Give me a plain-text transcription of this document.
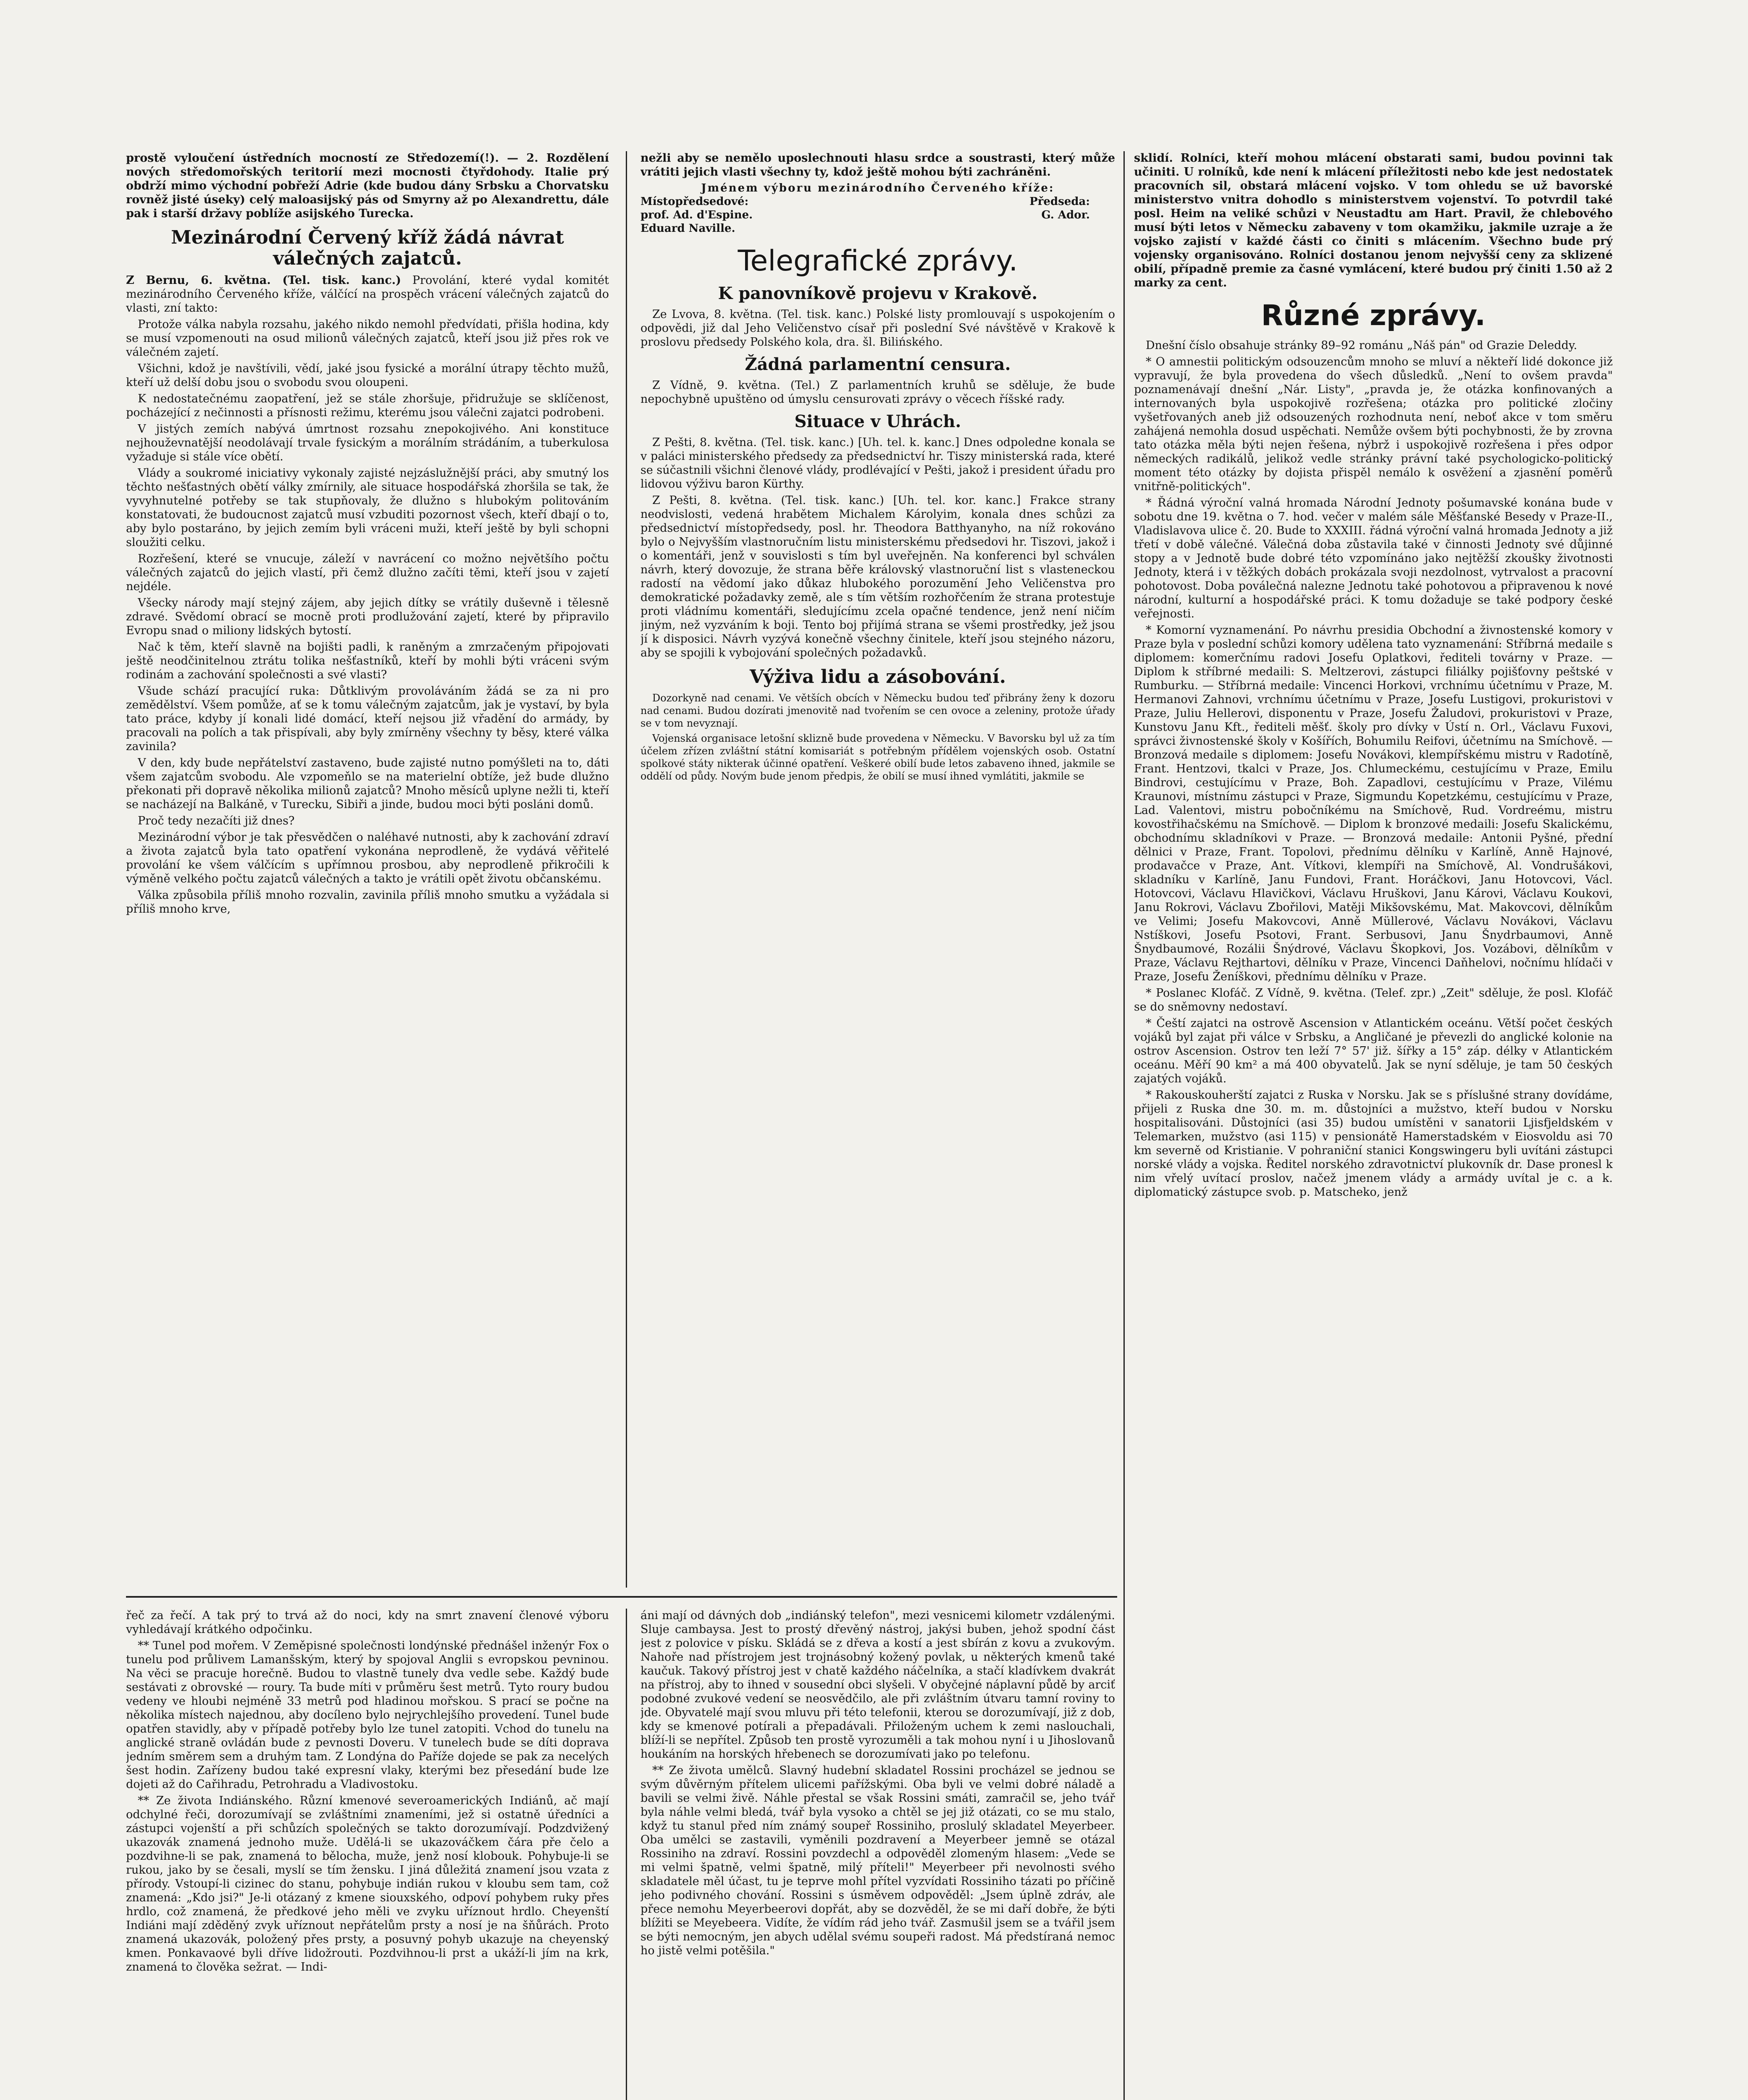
prostě vyloučení ústředních mocností ze Středozemí(!). — 2. Rozdělení nových středomořských teritorií mezi mocnosti čtyřdohody. Italie prý obdrží mimo východní pobřeží Adrie (kde budou dány Srbsku a Chorvatsku rovněž jisté úseky) celý maloasijský pás od Smyrny až po Alexandrettu, dále pak i starší državy poblíže asijského Turecka.

Mezinárodní Červený kříž žádá návrat válečných zajatců.

Z Bernu, 6. května. (Tel. tisk. kanc.) Provolání, které vydal komitét mezinárodního Červeného kříže, válčící na prospěch vrácení válečných zajatců do vlasti, zní takto:

Protože válka nabyla rozsahu, jakého nikdo nemohl předvídati, přišla hodina, kdy se musí vzpomenouti na osud milionů válečných zajatců, kteří jsou již přes rok ve válečném zajetí.

Všichni, kdož je navštívili, vědí, jaké jsou fysické a morální útrapy těchto mužů, kteří už delší dobu jsou o svobodu svou oloupeni.

K nedostatečnému zaopatření, jež se stále zhoršuje, přidružuje se sklíčenost, pocházející z nečinnosti a přísnosti režimu, kterému jsou válečni zajatci podrobeni.

V jistých zemích nabývá úmrtnost rozsahu znepokojivého. Ani konstituce nejhouževnatější neodolávají trvale fysickým a morálním strádáním, a tuberkulosa vyžaduje si stále více obětí.

Vlády a soukromé iniciativy vykonaly zajisté nejzáslužnější práci, aby smutný los těchto nešťastných obětí války zmírnily, ale situace hospodářská zhoršila se tak, že vyvyhnutelné potřeby se tak stupňovaly, že dlužno s hlubokým politováním konstatovati, že budoucnost zajatců musí vzbuditi pozornost všech, kteří dbají o to, aby bylo postaráno, by jejich zemím byli vráceni muži, kteří ještě by byli schopni sloužiti celku.

Rozřešení, které se vnucuje, záleží v navrácení co možno největšího počtu válečných zajatců do jejich vlastí, při čemž dlužno začíti těmi, kteří jsou v zajetí nejdéle.

Všecky národy mají stejný zájem, aby jejich dítky se vrátily duševně i tělesně zdravé. Svědomí obrací se mocně proti prodlužování zajetí, které by připravilo Evropu snad o miliony lidských bytostí.

Nač k těm, kteří slavně na bojišti padli, k raněným a zmrzačeným připojovati ještě neodčinitelnou ztrátu tolika nešťastníků, kteří by mohli býti vráceni svým rodinám a zachování společnosti a své vlasti?

Všude schází pracující ruka: Důtklivým provoláváním žádá se za ni pro zemědělství. Všem pomůže, ať se k tomu válečným zajatcům, jak je vystaví, by byla tato práce, kdyby jí konali lidé domácí, kteří nejsou již vřadění do armády, by pracovali na polích a tak přispívali, aby byly zmírněny všechny ty běsy, které válka zavinila?

V den, kdy bude nepřátelství zastaveno, bude zajisté nutno pomýšleti na to, dáti všem zajatcům svobodu. Ale vzpomeňlo se na materielní obtíže, jež bude dlužno překonati při dopravě několika milionů zajatců? Mnoho měsíců uplyne nežli ti, kteří se nacházejí na Balkáně, v Turecku, Sibiři a jinde, budou moci býti posláni domů.

Proč tedy nezačíti již dnes?

Mezinárodní výbor je tak přesvědčen o naléhavé nutnosti, aby k zachování zdraví a života zajatců byla tato opatření vykonána neprodleně, že vydává věřitelé provolání ke všem válčícím s upřímnou prosbou, aby neprodleně přikročili k výměně velkého počtu zajatců válečných a takto je vrátili opět životu občanskému.

Válka způsobila příliš mnoho rozvalin, zavinila příliš mnoho smutku a vyžádala si příliš mnoho krve,

nežli aby se nemělo uposlechnouti hlasu srdce a soustrasti, který může vrátiti jejich vlasti všechny ty, kdož ještě mohou býti zachráněni.

Jménem výboru mezinárodního Červeného kříže:
Místopředsedové:
prof. Ad. d'Espine.
Eduard Naville.
Předseda:
G. Ador.
Telegrafické zprávy.
K panovníkově projevu v Krakově.

Ze Lvova, 8. května. (Tel. tisk. kanc.) Polské listy promlouvají s uspokojením o odpovědi, již dal Jeho Veličenstvo císař při poslední Své návštěvě v Krakově k proslovu předsedy Polského kola, dra. šl. Bilińského.

Žádná parlamentní censura.

Z Vídně, 9. května. (Tel.) Z parlamentních kruhů se sděluje, že bude nepochybně upuštěno od úmyslu censurovati zprávy o věcech říšské rady.

Situace v Uhrách.

Z Pešti, 8. května. (Tel. tisk. kanc.) [Uh. tel. k. kanc.] Dnes odpoledne konala se v paláci ministerského předsedy za předsednictví hr. Tiszy ministerská rada, které se súčastnili všichni členové vlády, prodlévající v Pešti, jakož i president úřadu pro lidovou výživu baron Kürthy.

Z Pešti, 8. května. (Tel. tisk. kanc.) [Uh. tel. kor. kanc.] Frakce strany neodvislosti, vedená hrabětem Michalem Károlyim, konala dnes schůzi za předsednictví místopředsedy, posl. hr. Theodora Batthyanyho, na níž rokováno bylo o Nejvyšším vlastnoručním listu ministerskému předsedovi hr. Tiszovi, jakož i o komentáři, jenž v souvislosti s tím byl uveřejněn. Na konferenci byl schválen návrh, který dovozuje, že strana běře královský vlastnoruční list s vlasteneckou radostí na vědomí jako důkaz hlubokého porozumění Jeho Veličenstva pro demokratické požadavky země, ale s tím větším rozhořčením že strana protestuje proti vládnímu komentáři, sledujícímu zcela opačné tendence, jenž není ničím jiným, než vyzváním k boji. Tento boj přijímá strana se všemi prostředky, jež jsou jí k disposici. Návrh vyzývá konečně všechny činitele, kteří jsou stejného názoru, aby se spojili k vybojování společných požadavků.

Výživa lidu a zásobování.

Dozorkyně nad cenami. Ve větších obcích v Německu budou teď přibrány ženy k dozoru nad cenami. Budou dozírati jmenovitě nad tvořením se cen ovoce a zeleniny, protože úřady se v tom nevyznají.

Vojenská organisace letošní sklizně bude provedena v Německu. V Bavorsku byl už za tím účelem zřízen zvláštní státní komisariát s potřebným přídělem vojenských osob. Ostatní spolkové státy nikterak účinné opatření. Veškeré obilí bude letos zabaveno ihned, jakmile se oddělí od půdy. Novým bude jenom předpis, že obilí se musí ihned vymlátiti, jakmile se

sklidí. Rolníci, kteří mohou mlácení obstarati sami, budou povinni tak učiniti. U rolníků, kde není k mlácení příležitosti nebo kde jest nedostatek pracovních sil, obstará mlácení vojsko. V tom ohledu se už bavorské ministerstvo vnitra dohodlo s ministerstvem vojenství. To potvrdil také posl. Heim na veliké schůzi v Neustadtu am Hart. Pravil, že chlebového musí býti letos v Německu zabaveny v tom okamžiku, jakmile uzraje a že vojsko zajistí v každé části co činiti s mlácením. Všechno bude prý vojensky organisováno. Rolníci dostanou jenom nejvyšší ceny za sklizené obilí, případně premie za časné vymlácení, které budou prý činiti 1.50 až 2 marky za cent.

Různé zprávy.

Dnešní číslo obsahuje stránky 89–92 románu „Náš pán" od Grazie Deleddy.

* O amnestii politickým odsouzencům mnoho se mluví a někteří lidé dokonce již vypravují, že byla provedena do všech důsledků. „Není to ovšem pravda" poznamenávají dnešní „Nár. Listy", „pravda je, že otázka konfinovaných a internovaných byla uspokojivě rozřešena; otázka pro politické zločiny vyšetřovaných aneb již odsouzených rozhodnuta není, neboť akce v tom směru zahájená nemohla dosud uspěchati. Nemůže ovšem býti pochybnosti, že by zrovna tato otázka měla býti nejen řešena, nýbrž i uspokojivě rozřešena i přes odpor německých radikálů, jelikož vedle stránky právní také psychologicko-politický moment této otázky by dojista přispěl nemálo k osvěžení a zjasnění poměrů vnitřně-politických".

* Řádná výroční valná hromada Národní Jednoty pošumavské konána bude v sobotu dne 19. května o 7. hod. večer v malém sále Měšťanské Besedy v Praze-II., Vladislavova ulice č. 20. Bude to XXXIII. řádná výroční valná hromada Jednoty a již třetí v době válečné. Válečná doba zůstavila také v činnosti Jednoty své důjinné stopy a v Jednotě bude dobré této vzpomínáno jako nejtěžší zkoušky životnosti Jednoty, která i v těžkých dobách prokázala svoji nezdolnost, vytrvalost a pracovní pohotovost. Doba poválečná nalezne Jednotu také pohotovou a připravenou k nové národní, kulturní a hospodářské práci. K tomu dožaduje se také podpory české veřejnosti.

* Komorní vyznamenání. Po návrhu presidia Obchodní a živnostenské komory v Praze byla v poslední schůzi komory udělena tato vyznamenání: Stříbrná medaile s diplomem: komerčnímu radovi Josefu Oplatkovi, řediteli továrny v Praze. — Diplom k stříbrné medaili: S. Meltzerovi, zástupci filiálky pojišťovny peštské v Rumburku. — Stříbrná medaile: Vincenci Horkovi, vrchnímu účetnímu v Praze, M. Hermanovi Zahnovi, vrchnímu účetnímu v Praze, Josefu Lustigovi, prokuristovi v Praze, Juliu Hellerovi, disponentu v Praze, Josefu Žaludovi, prokuristovi v Praze, Kunstovu Janu Kft., řediteli měšť. školy pro dívky v Ústí n. Orl., Václavu Fuxovi, správci živnostenské školy v Košířích, Bohumilu Reifovi, účetnímu na Smíchově. — Bronzová medaile s diplomem: Josefu Novákovi, klempířskému mistru v Radotíně, Frant. Hentzovi, tkalci v Praze, Jos. Chlumeckému, cestujícímu v Praze, Emilu Bindrovi, cestujícímu v Praze, Boh. Zapadlovi, cestujícímu v Praze, Vilému Kraunovi, místnímu zástupci v Praze, Sigmundu Kopetzkému, cestujícímu v Praze, Lad. Valentovi, mistru pobočníkému na Smíchově, Rud. Vordreému, mistru kovostřihačskému na Smíchově. — Diplom k bronzové medaili: Josefu Skalickému, obchodnímu skladníkovi v Praze. — Bronzová medaile: Antonii Pyšné, přední dělnici v Praze, Frant. Topolovi, přednímu dělníku v Karlíně, Anně Hajnové, prodavačce v Praze, Ant. Vítkovi, klempíři na Smíchově, Al. Vondrušákovi, skladníku v Karlíně, Janu Fundovi, Frant. Horáčkovi, Janu Hotovcovi, Václ. Hotovcovi, Václavu Hlavičkovi, Václavu Hruškovi, Janu Károvi, Václavu Koukovi, Janu Rokrovi, Václavu Zbořilovi, Matěji Mikšovskému, Mat. Makovcovi, dělníkům ve Velimi; Josefu Makovcovi, Anně Müllerové, Václavu Novákovi, Václavu Nstíškovi, Josefu Psotovi, Frant. Serbusovi, Janu Šnydrbaumovi, Anně Šnydbaumové, Rozálii Šnýdrové, Václavu Škopkovi, Jos. Vozábovi, dělníkům v Praze, Václavu Rejthartovi, dělníku v Praze, Vincenci Daňhelovi, nočnímu hlídači v Praze, Josefu Ženíškovi, přednímu dělníku v Praze.

* Poslanec Klofáč. Z Vídně, 9. května. (Telef. zpr.) „Zeit" sděluje, že posl. Klofáč se do sněmovny nedostaví.

* Čeští zajatci na ostrově Ascension v Atlantickém oceánu. Větší počet českých vojáků byl zajat při válce v Srbsku, a Angličané je převezli do anglické kolonie na ostrov Ascension. Ostrov ten leží 7° 57' již. šířky a 15° záp. délky v Atlantickém oceánu. Měří 90 km² a má 400 obyvatelů. Jak se nyní sděluje, je tam 50 českých zajatých vojáků.

* Rakouskouherští zajatci z Ruska v Norsku. Jak se s příslušné strany dovídáme, přijeli z Ruska dne 30. m. m. důstojníci a mužstvo, kteří budou v Norsku hospitalisováni. Důstojníci (asi 35) budou umístěni v sanatorii Ljisfjeldském v Telemarken, mužstvo (asi 115) v pensionátě Hamerstadském v Eiosvoldu asi 70 km severně od Kristianie. V pohraniční stanici Kongswingeru byli uvítáni zástupci norské vlády a vojska. Ředitel norského zdravotnictví plukovník dr. Dase pronesl k nim vřelý uvítací proslov, načež jmenem vlády a armády uvítal je c. a k. diplomatický zástupce svob. p. Matscheko, jenž

řeč za řečí. A tak prý to trvá až do noci, kdy na smrt znavení členové výboru vyhledávají krátkého odpočinku.

** Tunel pod mořem. V Zeměpisné společnosti londýnské přednášel inženýr Fox o tunelu pod průlivem Lamanšským, který by spojoval Anglii s evropskou pevninou. Na věci se pracuje horečně. Budou to vlastně tunely dva vedle sebe. Každý bude sestávati z obrovské — roury. Ta bude míti v průměru šest metrů. Tyto roury budou vedeny ve hloubi nejméně 33 metrů pod hladinou mořskou. S prací se počne na několika místech najednou, aby docíleno bylo nejrychlejšího provedení. Tunel bude opatřen stavidly, aby v případě potřeby bylo lze tunel zatopiti. Vchod do tunelu na anglické straně ovládán bude z pevnosti Doveru. V tunelech bude se díti doprava jedním směrem sem a druhým tam. Z Londýna do Paříže dojede se pak za necelých šest hodin. Zařízeny budou také expresní vlaky, kterými bez přesedání bude lze dojeti až do Cařihradu, Petrohradu a Vladivostoku.

** Ze života Indiánského. Různí kmenové severoamerických Indiánů, ač mají odchylné řeči, dorozumívají se zvláštními znameními, jež si ostatně úředníci a zástupci vojenští a při schůzích společných se takto dorozumívají. Podzdvižený ukazovák znamená jednoho muže. Udělá-li se ukazováčkem čára pře čelo a pozdvihne-li se pak, znamená to bělocha, muže, jenž nosí klobouk. Pohybuje-li se rukou, jako by se česali, myslí se tím žensku. I jiná důležitá znamení jsou vzata z přírody. Vstoupí-li cizinec do stanu, pohybuje indián rukou v kloubu sem tam, což znamená: „Kdo jsi?" Je-li otázaný z kmene siouxského, odpoví pohybem ruky přes hrdlo, což znamená, že předkové jeho měli ve zvyku uříznout hrdlo. Cheyenští Indiáni mají zděděný zvyk uříznout nepřátelům prsty a nosí je na šňůrách. Proto znamená ukazovák, položený přes prsty, a posuvný pohyb ukazuje na cheyenský kmen. Ponkavaové byli dříve lidožrouti. Pozdvihnou-li prst a ukáží-li jím na krk, znamená to člověka sežrat. — Indi-

áni mají od dávných dob „indiánský telefon", mezi vesnicemi kilometr vzdálenými. Sluje cambaysa. Jest to prostý dřevěný nástroj, jakýsi buben, jehož spodní část jest z polovice v písku. Skládá se z dřeva a kostí a jest sbírán z kovu a zvukovým. Nahoře nad přístrojem jest trojnásobný kožený povlak, u některých kmenů také kaučuk. Takový přístroj jest v chatě každého náčelníka, a stačí kladívkem dvakrát na přístroj, aby to ihned v sousední obci slyšeli. V obyčejné náplavní půdě by arciť podobné zvukové vedení se neosvědčilo, ale při zvláštním útvaru tamní roviny to jde. Obyvatelé mají svou mluvu při této telefonii, kterou se dorozumívají, již z dob, kdy se kmenové potírali a přepadávali. Přiloženým uchem k zemi naslouchali, blíží-li se nepřítel. Způsob ten prostě vyrozuměli a tak mohou nyní i u Jihoslovanů houkáním na horských hřebenech se dorozumívati jako po telefonu.

** Ze života umělců. Slavný hudební skladatel Rossini procházel se jednou se svým důvěrným přítelem ulicemi pařížskými. Oba byli ve velmi dobré náladě a bavili se velmi živě. Náhle přestal se však Rossini smáti, zamračil se, jeho tvář byla náhle velmi bledá, tvář byla vysoko a chtěl se jej již otázati, co se mu stalo, když tu stanul před ním známý soupeř Rossiniho, proslulý skladatel Meyerbeer. Oba umělci se zastavili, vyměnili pozdravení a Meyerbeer jemně se otázal Rossiniho na zdraví. Rossini povzdechl a odpověděl zlomeným hlasem: „Vede se mi velmi špatně, velmi špatně, milý příteli!" Meyerbeer při nevolnosti svého skladatele měl účast, tu je teprve mohl přítel vyzvídati Rossiniho tázati po příčině jeho podivného chování. Rossini s úsměvem odpověděl: „Jsem úplně zdráv, ale přece nemohu Meyerbeerovi dopřát, aby se dozvěděl, že se mi daří dobře, že býti blížiti se Meyebeera. Vidíte, že vídím rád jeho tvář. Zasmušil jsem se a tvářil jsem se býti nemocným, jen abych udělal svému soupeři radost. Má předstíraná nemoc ho jistě velmi potěšila."
